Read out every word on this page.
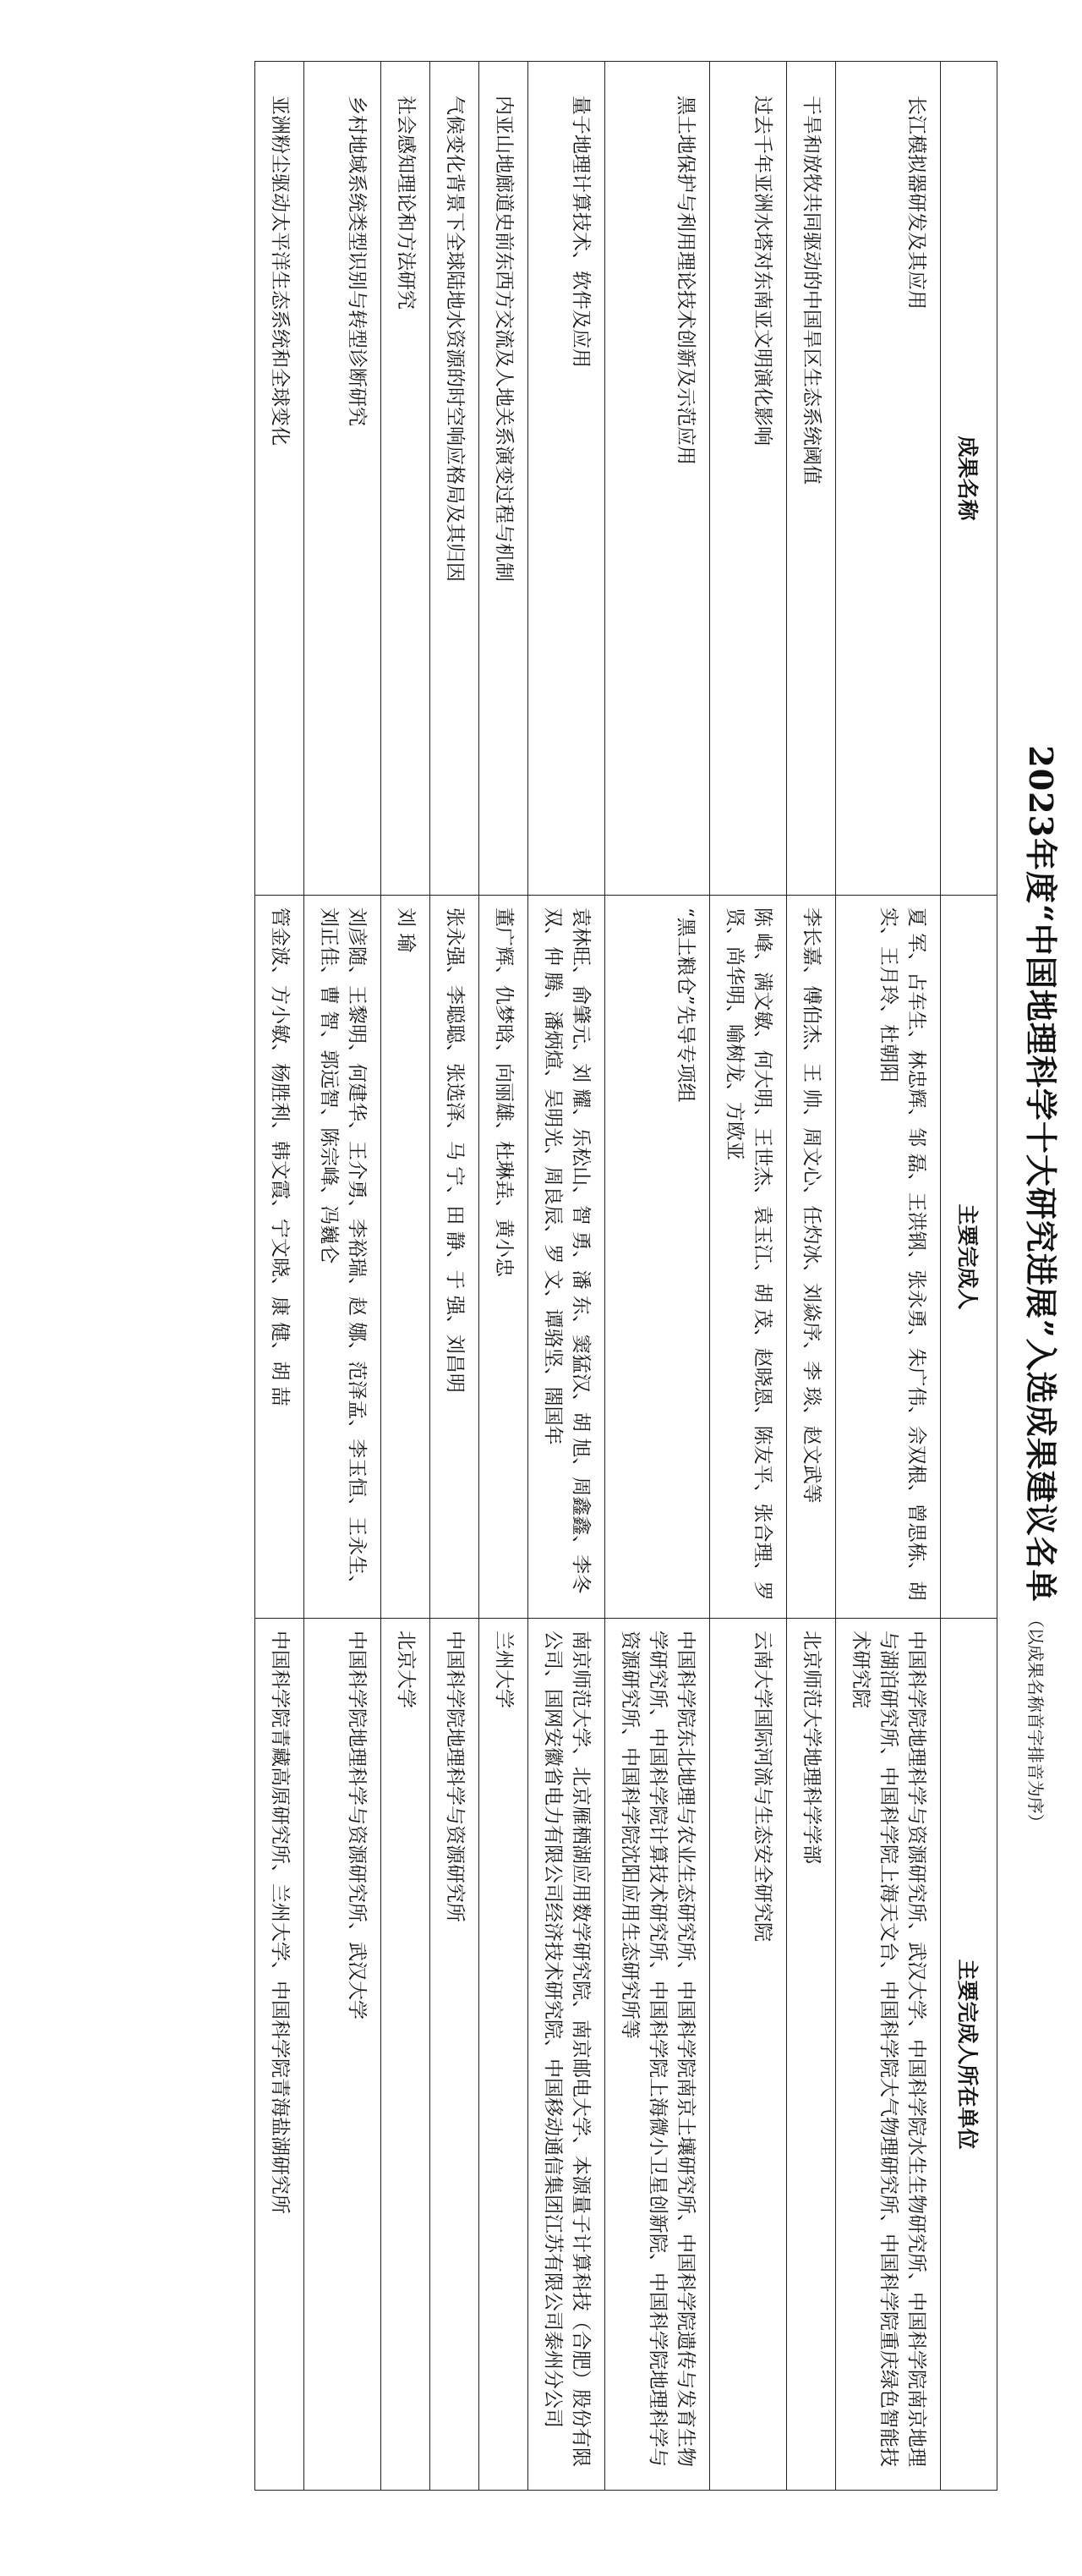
2023年度“中国地理科学十大研究进展”入选成果建议名单
（以成果名称首字排音为序）
成果名称	主要完成人	主要完成人所在单位
长江模拟器研发及其应用	夏 军、占车生、林忠辉、邹 磊、王洪钢、张永勇、朱广伟、佘双根、曾思栋、胡 实、王月玲、杜朝阳	中国科学院地理科学与资源研究所、武汉大学、中国科学院水生生物研究所、中国科学院南京地理与湖泊研究所、中国科学院上海天文台、中国科学院大气物理研究所、中国科学院重庆绿色智能技术研究院
干旱和放牧共同驱动的中国旱区生态系统阈值	李长嘉、傅伯杰、王 帅、周文心、任灼冰、刘焱序、李 琰、赵文武等	北京师范大学地理科学学部
过去千年亚洲水塔对东南亚文明演化影响	陈 峰、满文敏、何大明、王世杰、袁玉江、胡 茂、赵晓恩、陈友平、张合理、罗 贤、尚华明、喻树龙、方欧亚	云南大学国际河流与生态安全研究院
黑土地保护与利用理论技术创新及示范应用	“黑土粮仓”先导专项组	中国科学院东北地理与农业生态研究所、中国科学院南京土壤研究所、中国科学院遗传与发育生物学研究所、中国科学院计算技术研究所、中国科学院上海微小卫星创新院、中国科学院地理科学与资源研究所、中国科学院沈阳应用生态研究所等
量子地理计算技术、软件及应用	袁林旺、俞肇元、刘 耀、乐松山、智 勇、潘 东、窦猛汉、胡 旭、周鑫鑫、李冬双、仲 腾、潘炳煊、吴明光、周良辰、罗 文、谭骆坚、閤国年	南京师范大学、北京雁栖湖应用数学研究院、南京邮电大学、本源量子计算科技（合肥）股份有限公司、国网安徽省电力有限公司经济技术研究院、中国移动通信集团江苏有限公司泰州分公司
内亚山地廊道史前东西方交流及人地关系演变过程与机制	董广辉、仇梦晗、向丽雄、杜琳垚、黄小忠	兰州大学
气候变化背景下全球陆地水资源的时空响应格局及其归因	张永强、李聪聪、张选泽、马 宁、田 静、于 强、刘昌明	中国科学院地理科学与资源研究所
社会感知理论和方法研究	刘 瑜	北京大学
乡村地域系统类型识别与转型诊断研究	刘彦随、王黎明、何建华、王介勇、李裕瑞、赵 娜、范泽孟、李玉恒、王永生、刘正佳、曹 智、郭远智、陈宗峰、冯巍仑	中国科学院地理科学与资源研究所、武汉大学
亚洲粉尘驱动太平洋生态系统和全球变化	管金波、方小敏、杨胜利、韩文霞、宁文晓、康 健、胡 喆	中国科学院青藏高原研究所、兰州大学、中国科学院青海盐湖研究所
